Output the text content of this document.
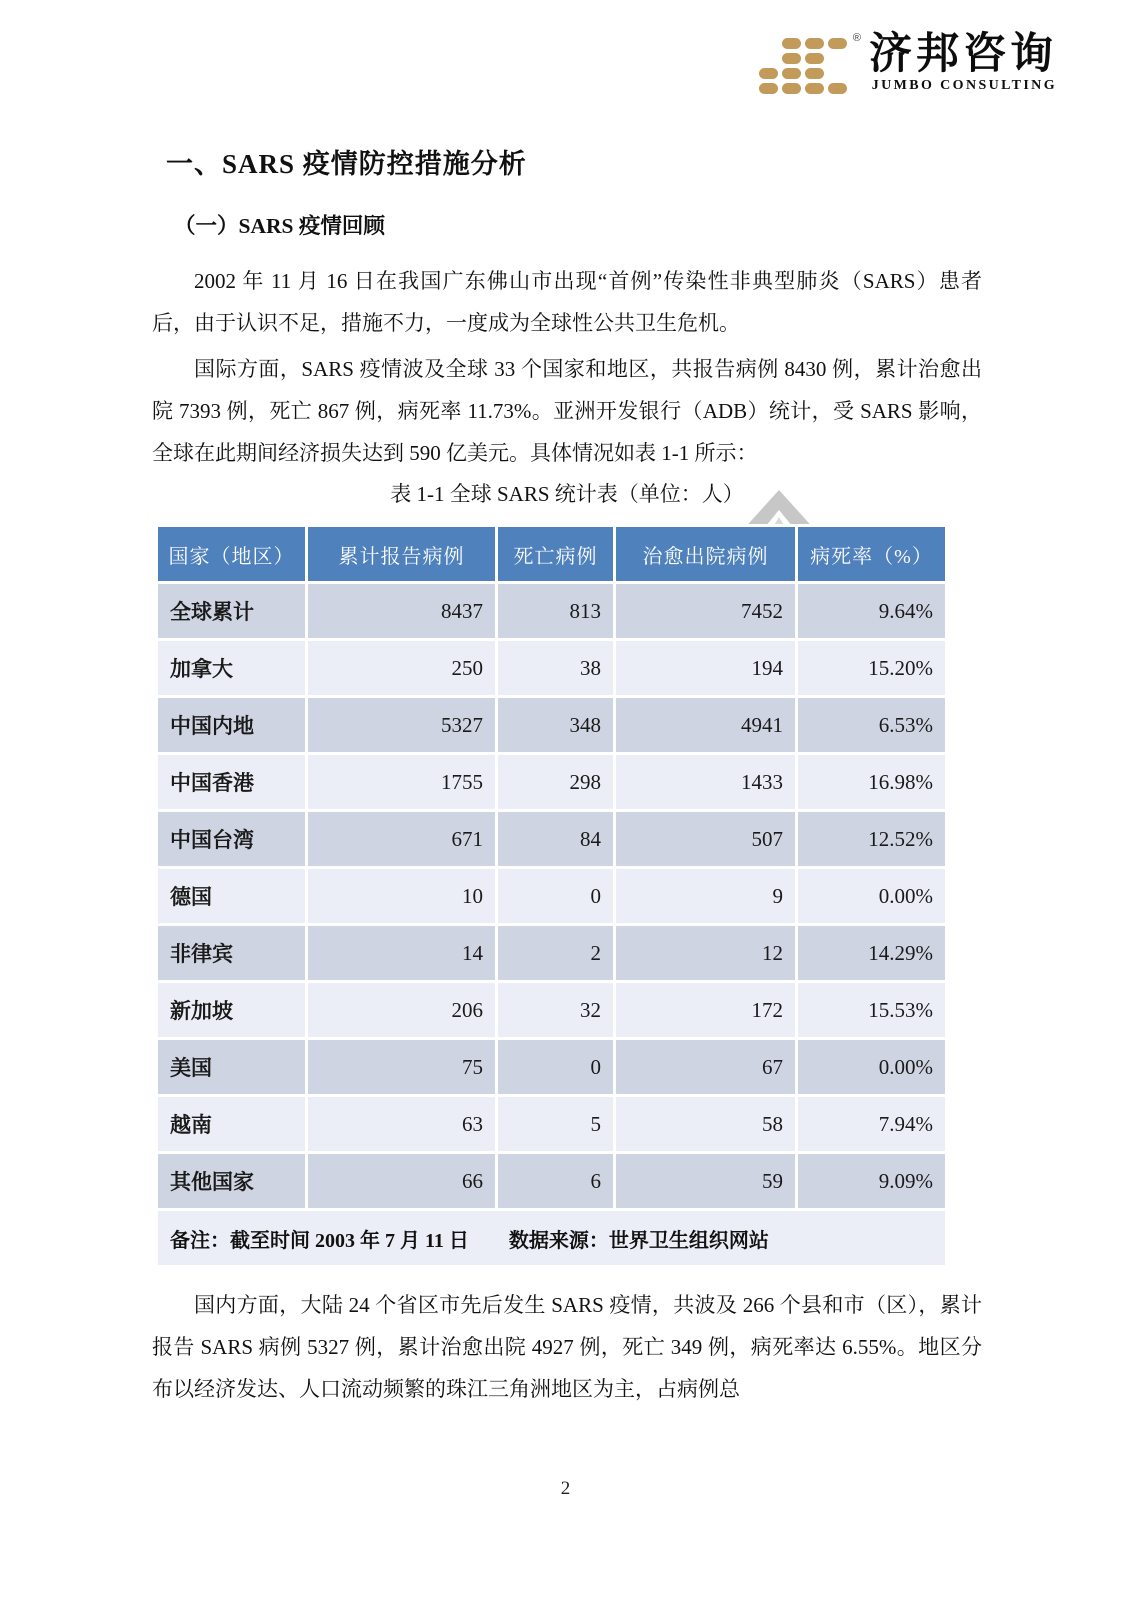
® 济邦咨询
JUMBO CONSULTING
一、SARS 疫情防控措施分析
（一）SARS 疫情回顾

2002 年 11 月 16 日在我国广东佛山市出现“首例”传染性非典型肺炎（SARS）患者后，由于认识不足，措施不力，一度成为全球性公共卫生危机。

国际方面，SARS 疫情波及全球 33 个国家和地区，共报告病例 8430 例，累计治愈出院 7393 例，死亡 867 例，病死率 11.73%。亚洲开发银行（ADB）统计，受 SARS 影响，全球在此期间经济损失达到 590 亿美元。具体情况如表 1-1 所示：

表 1-1 全球 SARS 统计表（单位：人）
国家（地区）	累计报告病例	死亡病例	治愈出院病例	病死率（%）
全球累计	8437	813	7452	9.64%
加拿大	250	38	194	15.20%
中国内地	5327	348	4941	6.53%
中国香港	1755	298	1433	16.98%
中国台湾	671	84	507	12.52%
德国	10	0	9	0.00%
非律宾	14	2	12	14.29%
新加坡	206	32	172	15.53%
美国	75	0	67	0.00%
越南	63	5	58	7.94%
其他国家	66	6	59	9.09%
备注：截至时间 2003 年 7 月 11 日　　数据来源：世界卫生组织网站				

国内方面，大陆 24 个省区市先后发生 SARS 疫情，共波及 266 个县和市（区），累计报告 SARS 病例 5327 例，累计治愈出院 4927 例，死亡 349 例，病死率达 6.55%。地区分布以经济发达、人口流动频繁的珠江三角洲地区为主，占病例总

2
